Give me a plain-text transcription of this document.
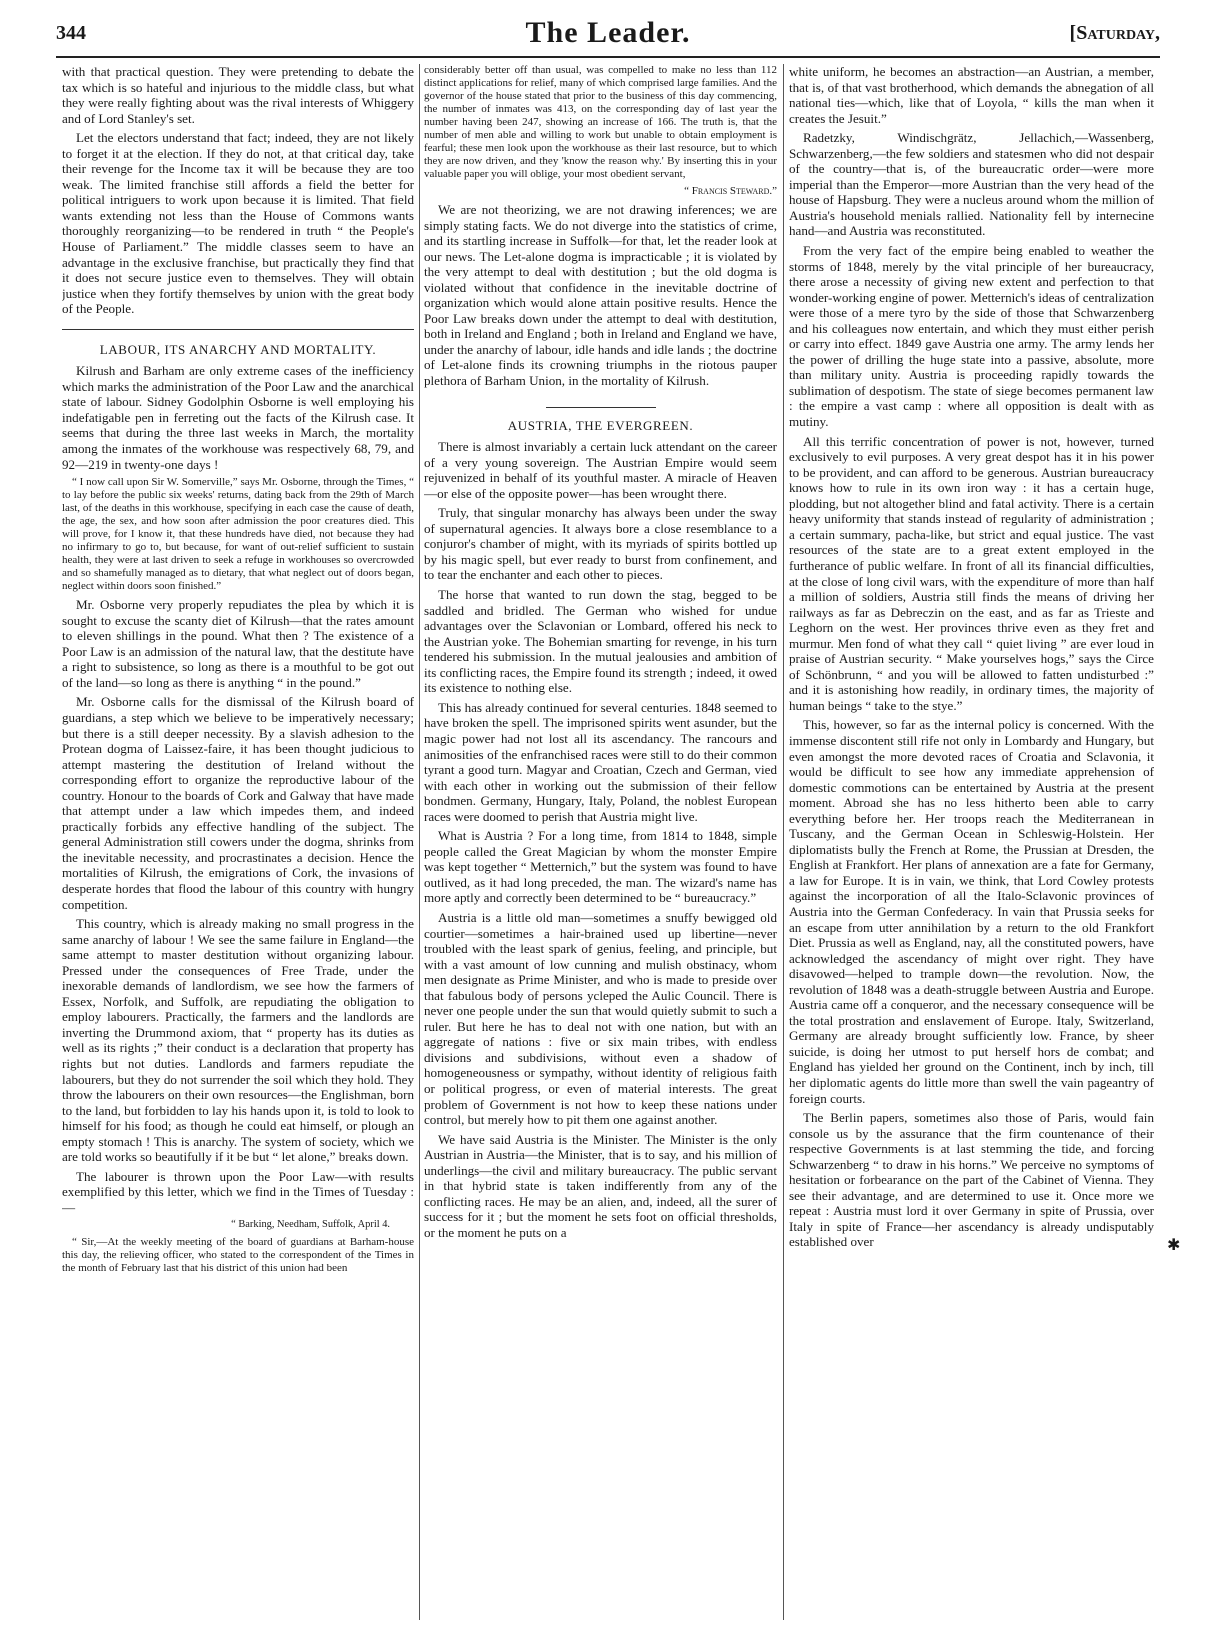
344	The Leader.	[Saturday,

with that practical question. They were pretending to debate the tax which is so hateful and injurious to the middle class, but what they were really fighting about was the rival interests of Whiggery and of Lord Stanley's set.

Let the electors understand that fact; indeed, they are not likely to forget it at the election. If they do not, at that critical day, take their revenge for the Income tax it will be because they are too weak. The limited franchise still affords a field the better for political intriguers to work upon because it is limited. That field wants extending not less than the House of Commons wants thoroughly reorganizing—to be rendered in truth “ the People's House of Parliament.” The middle classes seem to have an advantage in the exclusive franchise, but practically they find that it does not secure justice even to themselves. They will obtain justice when they fortify themselves by union with the great body of the People.

LABOUR, ITS ANARCHY AND MORTALITY.

Kilrush and Barham are only extreme cases of the inefficiency which marks the administration of the Poor Law and the anarchical state of labour. Sidney Godolphin Osborne is well employing his indefatigable pen in ferreting out the facts of the Kilrush case. It seems that during the three last weeks in March, the mortality among the inmates of the workhouse was respectively 68, 79, and 92—219 in twenty-one days !

“ I now call upon Sir W. Somerville,” says Mr. Osborne, through the Times, “ to lay before the public six weeks' returns, dating back from the 29th of March last, of the deaths in this workhouse, specifying in each case the cause of death, the age, the sex, and how soon after admission the poor creatures died. This will prove, for I know it, that these hundreds have died, not because they had no infirmary to go to, but because, for want of out-relief sufficient to sustain health, they were at last driven to seek a refuge in workhouses so overcrowded and so shamefully managed as to dietary, that what neglect out of doors began, neglect within doors soon finished.”

Mr. Osborne very properly repudiates the plea by which it is sought to excuse the scanty diet of Kilrush—that the rates amount to eleven shillings in the pound. What then ? The existence of a Poor Law is an admission of the natural law, that the destitute have a right to subsistence, so long as there is a mouthful to be got out of the land—so long as there is anything “ in the pound.”

Mr. Osborne calls for the dismissal of the Kilrush board of guardians, a step which we believe to be imperatively necessary; but there is a still deeper necessity. By a slavish adhesion to the Protean dogma of Laissez-faire, it has been thought judicious to attempt mastering the destitution of Ireland without the corresponding effort to organize the reproductive labour of the country. Honour to the boards of Cork and Galway that have made that attempt under a law which impedes them, and indeed practically forbids any effective handling of the subject. The general Administration still cowers under the dogma, shrinks from the inevitable necessity, and procrastinates a decision. Hence the mortalities of Kilrush, the emigrations of Cork, the invasions of desperate hordes that flood the labour of this country with hungry competition.

This country, which is already making no small progress in the same anarchy of labour ! We see the same failure in England—the same attempt to master destitution without organizing labour. Pressed under the consequences of Free Trade, under the inexorable demands of landlordism, we see how the farmers of Essex, Norfolk, and Suffolk, are repudiating the obligation to employ labourers. Practically, the farmers and the landlords are inverting the Drummond axiom, that “ property has its duties as well as its rights ;” their conduct is a declaration that property has rights but not duties. Landlords and farmers repudiate the labourers, but they do not surrender the soil which they hold. They throw the labourers on their own resources—the Englishman, born to the land, but forbidden to lay his hands upon it, is told to look to himself for his food; as though he could eat himself, or plough an empty stomach ! This is anarchy. The system of society, which we are told works so beautifully if it be but “ let alone,” breaks down.

The labourer is thrown upon the Poor Law—with results exemplified by this letter, which we find in the Times of Tuesday :—

“ Barking, Needham, Suffolk, April 4.

“ Sir,—At the weekly meeting of the board of guardians at Barham-house this day, the relieving officer, who stated to the correspondent of the Times in the month of February last that his district of this union had been

considerably better off than usual, was compelled to make no less than 112 distinct applications for relief, many of which comprised large families. And the governor of the house stated that prior to the business of this day commencing, the number of inmates was 413, on the corresponding day of last year the number having been 247, showing an increase of 166. The truth is, that the number of men able and willing to work but unable to obtain employment is fearful; these men look upon the workhouse as their last resource, but to which they are now driven, and they 'know the reason why.' By inserting this in your valuable paper you will oblige, your most obedient servant,

“ Francis Steward.”

We are not theorizing, we are not drawing inferences; we are simply stating facts. We do not diverge into the statistics of crime, and its startling increase in Suffolk—for that, let the reader look at our news. The Let-alone dogma is impracticable ; it is violated by the very attempt to deal with destitution ; but the old dogma is violated without that confidence in the inevitable doctrine of organization which would alone attain positive results. Hence the Poor Law breaks down under the attempt to deal with destitution, both in Ireland and England ; both in Ireland and England we have, under the anarchy of labour, idle hands and idle lands ; the doctrine of Let-alone finds its crowning triumphs in the riotous pauper plethora of Barham Union, in the mortality of Kilrush.

AUSTRIA, THE EVERGREEN.

There is almost invariably a certain luck attendant on the career of a very young sovereign. The Austrian Empire would seem rejuvenized in behalf of its youthful master. A miracle of Heaven—or else of the opposite power—has been wrought there.

Truly, that singular monarchy has always been under the sway of supernatural agencies. It always bore a close resemblance to a conjuror's chamber of might, with its myriads of spirits bottled up by his magic spell, but ever ready to burst from confinement, and to tear the enchanter and each other to pieces.

The horse that wanted to run down the stag, begged to be saddled and bridled. The German who wished for undue advantages over the Sclavonian or Lombard, offered his neck to the Austrian yoke. The Bohemian smarting for revenge, in his turn tendered his submission. In the mutual jealousies and ambition of its conflicting races, the Empire found its strength ; indeed, it owed its existence to nothing else.

This has already continued for several centuries. 1848 seemed to have broken the spell. The imprisoned spirits went asunder, but the magic power had not lost all its ascendancy. The rancours and animosities of the enfranchised races were still to do their common tyrant a good turn. Magyar and Croatian, Czech and German, vied with each other in working out the submission of their fellow bondmen. Germany, Hungary, Italy, Poland, the noblest European races were doomed to perish that Austria might live.

What is Austria ? For a long time, from 1814 to 1848, simple people called the Great Magician by whom the monster Empire was kept together “ Metternich,” but the system was found to have outlived, as it had long preceded, the man. The wizard's name has more aptly and correctly been determined to be “ bureaucracy.”

Austria is a little old man—sometimes a snuffy bewigged old courtier—sometimes a hair-brained used up libertine—never troubled with the least spark of genius, feeling, and principle, but with a vast amount of low cunning and mulish obstinacy, whom men designate as Prime Minister, and who is made to preside over that fabulous body of persons ycleped the Aulic Council. There is never one people under the sun that would quietly submit to such a ruler. But here he has to deal not with one nation, but with an aggregate of nations : five or six main tribes, with endless divisions and subdivisions, without even a shadow of homogeneousness or sympathy, without identity of religious faith or political progress, or even of material interests. The great problem of Government is not how to keep these nations under control, but merely how to pit them one against another.

We have said Austria is the Minister. The Minister is the only Austrian in Austria—the Minister, that is to say, and his million of underlings—the civil and military bureaucracy. The public servant in that hybrid state is taken indifferently from any of the conflicting races. He may be an alien, and, indeed, all the surer of success for it ; but the moment he sets foot on official thresholds, or the moment he puts on a

white uniform, he becomes an abstraction—an Austrian, a member, that is, of that vast brotherhood, which demands the abnegation of all national ties—which, like that of Loyola, “ kills the man when it creates the Jesuit.”

Radetzky, Windischgrätz, Jellachich,—Wassenberg, Schwarzenberg,—the few soldiers and statesmen who did not despair of the country—that is, of the bureaucratic order—were more imperial than the Emperor—more Austrian than the very head of the house of Hapsburg. They were a nucleus around whom the million of Austria's household menials rallied. Nationality fell by internecine hand—and Austria was reconstituted.

From the very fact of the empire being enabled to weather the storms of 1848, merely by the vital principle of her bureaucracy, there arose a necessity of giving new extent and perfection to that wonder-working engine of power. Metternich's ideas of centralization were those of a mere tyro by the side of those that Schwarzenberg and his colleagues now entertain, and which they must either perish or carry into effect. 1849 gave Austria one army. The army lends her the power of drilling the huge state into a passive, absolute, more than military unity. Austria is proceeding rapidly towards the sublimation of despotism. The state of siege becomes permanent law : the empire a vast camp : where all opposition is dealt with as mutiny.

All this terrific concentration of power is not, however, turned exclusively to evil purposes. A very great despot has it in his power to be provident, and can afford to be generous. Austrian bureaucracy knows how to rule in its own iron way : it has a certain huge, plodding, but not altogether blind and fatal activity. There is a certain heavy uniformity that stands instead of regularity of administration ; a certain summary, pacha-like, but strict and equal justice. The vast resources of the state are to a great extent employed in the furtherance of public welfare. In front of all its financial difficulties, at the close of long civil wars, with the expenditure of more than half a million of soldiers, Austria still finds the means of driving her railways as far as Debreczin on the east, and as far as Trieste and Leghorn on the west. Her provinces thrive even as they fret and murmur. Men fond of what they call “ quiet living ” are ever loud in praise of Austrian security. “ Make yourselves hogs,” says the Circe of Schönbrunn, “ and you will be allowed to fatten undisturbed :” and it is astonishing how readily, in ordinary times, the majority of human beings “ take to the stye.”

This, however, so far as the internal policy is concerned. With the immense discontent still rife not only in Lombardy and Hungary, but even amongst the more devoted races of Croatia and Sclavonia, it would be difficult to see how any immediate apprehension of domestic commotions can be entertained by Austria at the present moment. Abroad she has no less hitherto been able to carry everything before her. Her troops reach the Mediterranean in Tuscany, and the German Ocean in Schleswig-Holstein. Her diplomatists bully the French at Rome, the Prussian at Dresden, the English at Frankfort. Her plans of annexation are a fate for Germany, a law for Europe. It is in vain, we think, that Lord Cowley protests against the incorporation of all the Italo-Sclavonic provinces of Austria into the German Confederacy. In vain that Prussia seeks for an escape from utter annihilation by a return to the old Frankfort Diet. Prussia as well as England, nay, all the constituted powers, have acknowledged the ascendancy of might over right. They have disavowed—helped to trample down—the revolution. Now, the revolution of 1848 was a death-struggle between Austria and Europe. Austria came off a conqueror, and the necessary consequence will be the total prostration and enslavement of Europe. Italy, Switzerland, Germany are already brought sufficiently low. France, by sheer suicide, is doing her utmost to put herself hors de combat; and England has yielded her ground on the Continent, inch by inch, till her diplomatic agents do little more than swell the vain pageantry of foreign courts.

The Berlin papers, sometimes also those of Paris, would fain console us by the assurance that the firm countenance of their respective Governments is at last stemming the tide, and forcing Schwarzenberg “ to draw in his horns.” We perceive no symptoms of hesitation or forbearance on the part of the Cabinet of Vienna. They see their advantage, and are determined to use it. Once more we repeat : Austria must lord it over Germany in spite of Prussia, over Italy in spite of France—her ascendancy is already undisputably established over	✱
